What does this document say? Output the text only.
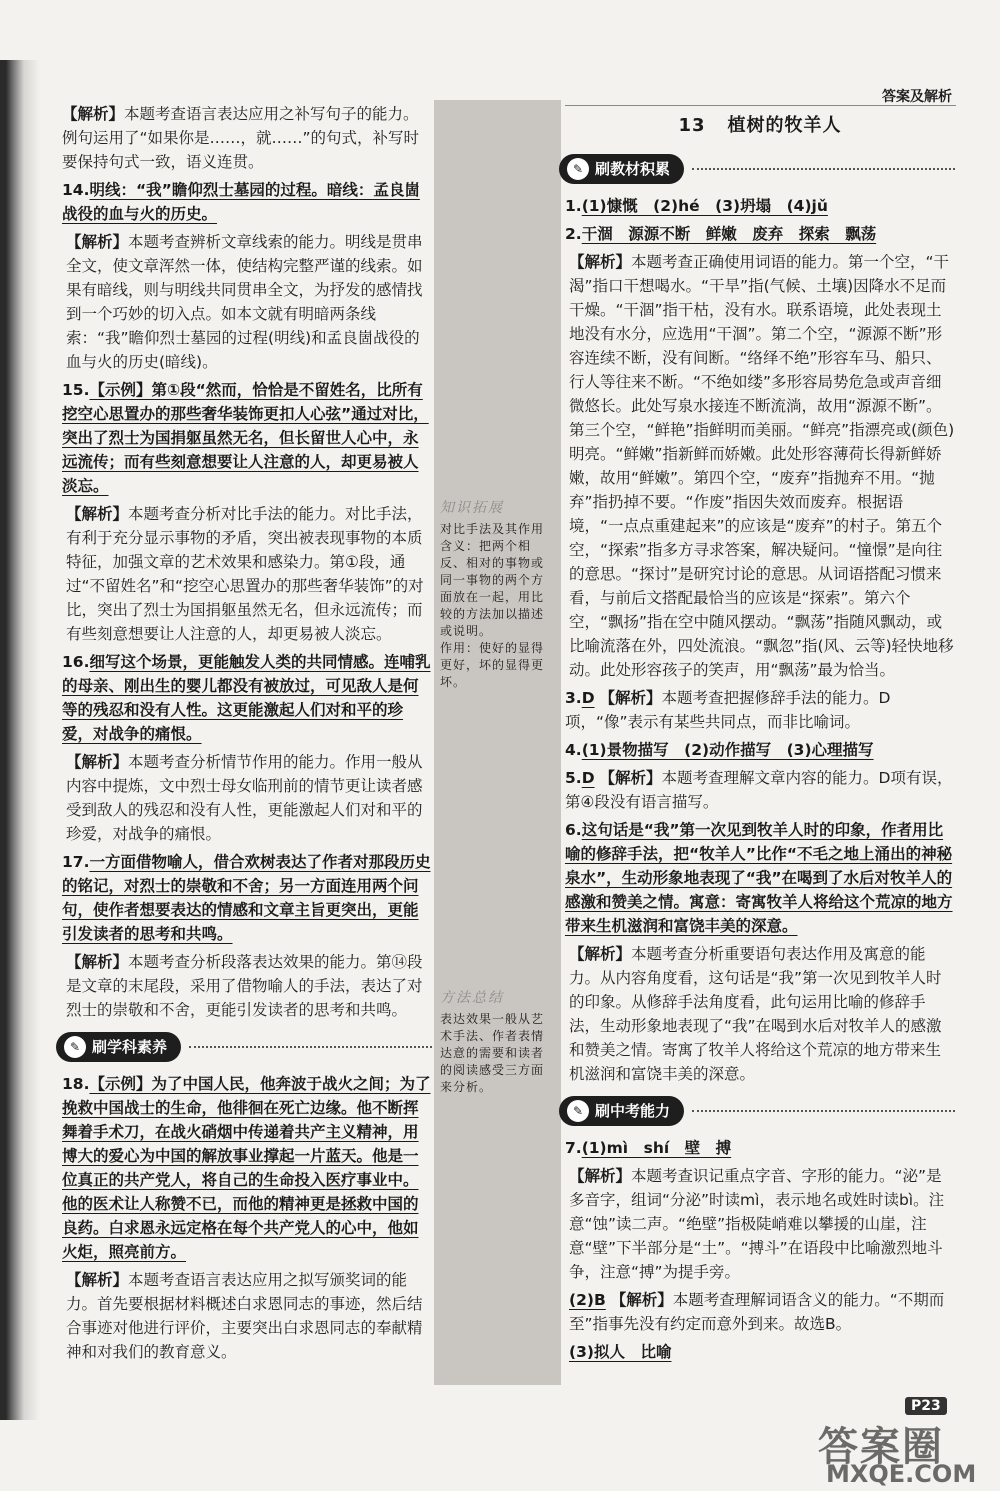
答案及解析
【解析】本题考查语言表达应用之补写句子的能力。例句运用了“如果你是……，就……”的句式，补写时要保持句式一致，语义连贯。
14.明线：“我”瞻仰烈士墓园的过程。暗线：孟良崮战役的血与火的历史。
【解析】本题考查辨析文章线索的能力。明线是贯串全文，使文章浑然一体，使结构完整严谨的线索。如果有暗线，则与明线共同贯串全文，为抒发的感情找到一个巧妙的切入点。如本文就有明暗两条线索：“我”瞻仰烈士墓园的过程(明线)和孟良崮战役的血与火的历史(暗线)。
15.【示例】第①段“然而，恰恰是不留姓名，比所有挖空心思置办的那些奢华装饰更扣人心弦”通过对比，突出了烈士为国捐躯虽然无名，但长留世人心中，永远流传；而有些刻意想要让人注意的人，却更易被人淡忘。
【解析】本题考查分析对比手法的能力。对比手法，有利于充分显示事物的矛盾，突出被表现事物的本质特征，加强文章的艺术效果和感染力。第①段，通过“不留姓名”和“挖空心思置办的那些奢华装饰”的对比，突出了烈士为国捐躯虽然无名，但永远流传；而有些刻意想要让人注意的人，却更易被人淡忘。
16.细写这个场景，更能触发人类的共同情感。连哺乳的母亲、刚出生的婴儿都没有被放过，可见敌人是何等的残忍和没有人性。这更能激起人们对和平的珍爱，对战争的痛恨。
【解析】本题考查分析情节作用的能力。作用一般从内容中提炼，文中烈士母女临刑前的情节更让读者感受到敌人的残忍和没有人性，更能激起人们对和平的珍爱，对战争的痛恨。
17.一方面借物喻人，借合欢树表达了作者对那段历史的铭记，对烈士的崇敬和不舍；另一方面连用两个问句，使作者想要表达的情感和文章主旨更突出，更能引发读者的思考和共鸣。
【解析】本题考查分析段落表达效果的能力。第⑭段是文章的末尾段，采用了借物喻人的手法，表达了对烈士的崇敬和不舍，更能引发读者的思考和共鸣。
✎ 刷学科素养
18.【示例】为了中国人民，他奔波于战火之间；为了挽救中国战士的生命，他徘徊在死亡边缘。他不断挥舞着手术刀，在战火硝烟中传递着共产主义精神，用博大的爱心为中国的解放事业撑起一片蓝天。他是一位真正的共产党人，将自己的生命投入医疗事业中。他的医术让人称赞不已，而他的精神更是拯救中国的良药。白求恩永远定格在每个共产党人的心中，他如火炬，照亮前方。
【解析】本题考查语言表达应用之拟写颁奖词的能力。首先要根据材料概述白求恩同志的事迹，然后结合事迹对他进行评价，主要突出白求恩同志的奉献精神和对我们的教育意义。
知识拓展
对比手法及其作用
含义：把两个相反、相对的事物或同一事物的两个方面放在一起，用比较的方法加以描述或说明。
作用：使好的显得更好，坏的显得更坏。
方法总结
表达效果一般从艺术手法、作者表情达意的需要和读者的阅读感受三方面来分析。
13 植树的牧羊人
✎ 刷教材积累
1.(1)慷慨　(2)hé　(3)坍塌　(4)jǔ
2.干涸　源源不断　鲜嫩　废弃　探索　飘荡
【解析】本题考查正确使用词语的能力。第一个空，“干渴”指口干想喝水。“干旱”指(气候、土壤)因降水不足而干燥。“干涸”指干枯，没有水。联系语境，此处表现土地没有水分，应选用“干涸”。第二个空，“源源不断”形容连续不断，没有间断。“络绎不绝”形容车马、船只、行人等往来不断。“不绝如缕”多形容局势危急或声音细微悠长。此处写泉水接连不断流淌，故用“源源不断”。第三个空，“鲜艳”指鲜明而美丽。“鲜亮”指漂亮或(颜色)明亮。“鲜嫩”指新鲜而娇嫩。此处形容薄荷长得新鲜娇嫩，故用“鲜嫩”。第四个空，“废弃”指抛弃不用。“抛弃”指扔掉不要。“作废”指因失效而废弃。根据语境，“一点点重建起来”的应该是“废弃”的村子。第五个空，“探索”指多方寻求答案，解决疑问。“憧憬”是向往的意思。“探讨”是研究讨论的意思。从词语搭配习惯来看，与前后文搭配最恰当的应该是“探索”。第六个空，“飘扬”指在空中随风摆动。“飘荡”指随风飘动，或比喻流落在外，四处流浪。“飘忽”指(风、云等)轻快地移动。此处形容孩子的笑声，用“飘荡”最为恰当。
3.D 【解析】本题考查把握修辞手法的能力。D项，“像”表示有某些共同点，而非比喻词。
4.(1)景物描写　(2)动作描写　(3)心理描写
5.D 【解析】本题考查理解文章内容的能力。D项有误，第④段没有语言描写。
6.这句话是“我”第一次见到牧羊人时的印象，作者用比喻的修辞手法，把“牧羊人”比作“不毛之地上涌出的神秘泉水”，生动形象地表现了“我”在喝到了水后对牧羊人的感激和赞美之情。寓意：寄寓牧羊人将给这个荒凉的地方带来生机滋润和富饶丰美的深意。
【解析】本题考查分析重要语句表达作用及寓意的能力。从内容角度看，这句话是“我”第一次见到牧羊人时的印象。从修辞手法角度看，此句运用比喻的修辞手法，生动形象地表现了“我”在喝到水后对牧羊人的感激和赞美之情。寄寓了牧羊人将给这个荒凉的地方带来生机滋润和富饶丰美的深意。
✎ 刷中考能力
7.(1)mì　shí　壁　搏
【解析】本题考查识记重点字音、字形的能力。“泌”是多音字，组词“分泌”时读mì，表示地名或姓时读bì。注意“蚀”读二声。“绝壁”指极陡峭难以攀援的山崖，注意“壁”下半部分是“土”。“搏斗”在语段中比喻激烈地斗争，注意“搏”为提手旁。
(2)B 【解析】本题考查理解词语含义的能力。“不期而至”指事先没有约定而意外到来。故选B。
(3)拟人　比喻
P23
答案圈
MXQE.COM
